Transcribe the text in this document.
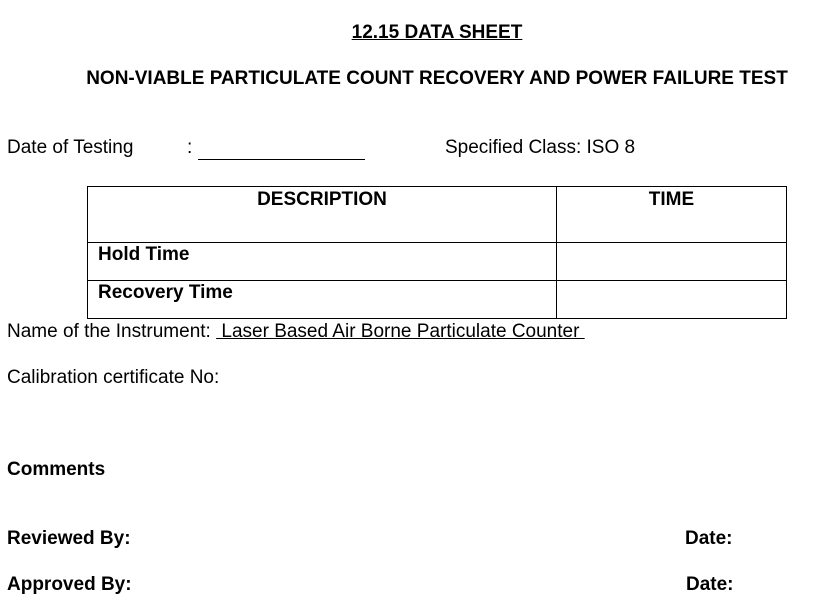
12.15 DATA SHEET
NON-VIABLE PARTICULATE COUNT RECOVERY AND POWER FAILURE TEST
Date of Testing	:	Specified Class: ISO 8
DESCRIPTION	TIME
Hold Time	
Recovery Time	
Name of the Instrument:  Laser Based Air Borne Particulate Counter
Calibration certificate No:
Comments
Reviewed By:	Date:
Approved By:	Date:
